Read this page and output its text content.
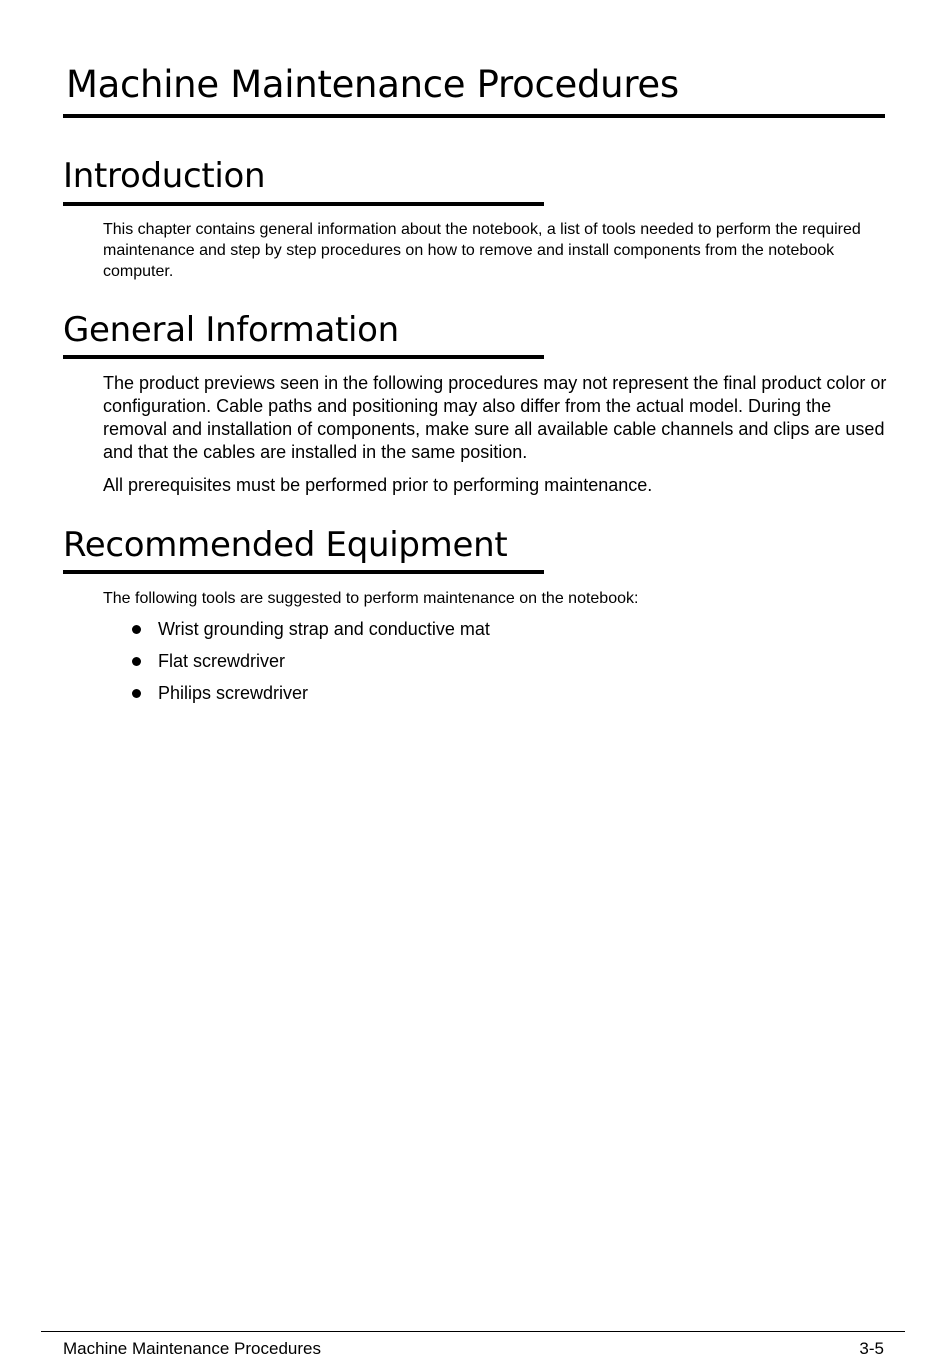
Machine Maintenance Procedures
Introduction

This chapter contains general information about the notebook, a list of tools needed to perform the required maintenance and step by step procedures on how to remove and install components from the notebook computer.

General Information

The product previews seen in the following procedures may not represent the final product color or configuration. Cable paths and positioning may also differ from the actual model. During the removal and installation of components, make sure all available cable channels and clips are used and that the cables are installed in the same position.

All prerequisites must be performed prior to performing maintenance.

Recommended Equipment

The following tools are suggested to perform maintenance on the notebook:

Wrist grounding strap and conductive mat
Flat screwdriver
Philips screwdriver
Machine Maintenance Procedures	3-5
